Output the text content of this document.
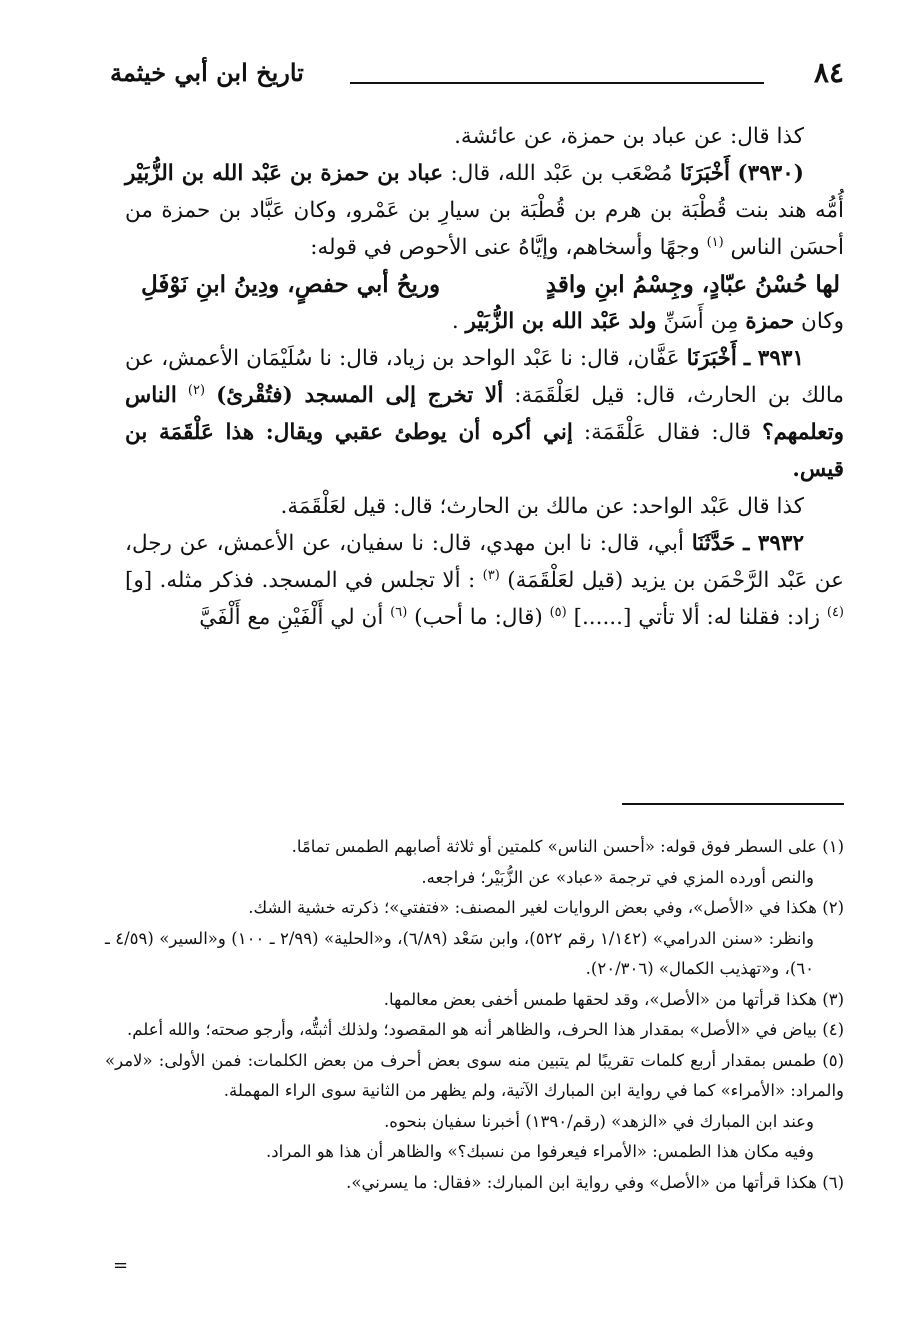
٨٤
تاريخ ابن أبي خيثمة

كذا قال: عن عباد بن حمزة، عن عائشة.

(٣٩٣٠) أَخْبَرَنَا مُصْعَب بن عَبْد الله، قال: عباد بن حمزة بن عَبْد الله بن الزُّبَيْر أُمُّه هند بنت قُطْبَة بن هرم بن قُطْبَة بن سيارِ بن عَمْرو، وكان عَبَّاد بن حمزة من أحسَن الناس $^{(١)}$ وجهًا وأسخاهم، وإيَّاهُ عنى الأحوص في قوله:

لها حُسْنُ عبّادٍ، وجِسْمُ ابنِ واقدٍ
وريحُ أبي حفصٍ، ودِينُ ابنِ نَوْفَلِ

وكان حمزة مِن أَسَنِّ ولد عَبْد الله بن الزُّبَيْر .

٣٩٣١ ـ أَخْبَرَنَا عَفَّان، قال: نا عَبْد الواحد بن زياد، قال: نا سُلَيْمَان الأعمش، عن مالك بن الحارث، قال: قيل لعَلْقَمَة: ألا تخرج إلى المسجد (فتُقْرئ) $^{(٢)}$ الناس وتعلمهم؟ قال: فقال عَلْقَمَة: إني أكره أن يوطئ عقبي ويقال: هذا عَلْقَمَة بن قيس.

كذا قال عَبْد الواحد: عن مالك بن الحارث؛ قال: قيل لعَلْقَمَة.

٣٩٣٢ ـ حَدَّثَنَا أبي، قال: نا ابن مهدي، قال: نا سفيان، عن الأعمش، عن رجل، عن عَبْد الرَّحْمَن بن يزيد (قيل لعَلْقَمَة) $^{(٣)}$ : ألا تجلس في المسجد. فذكر مثله. [و] $^{(٤)}$ زاد: فقلنا له: ألا تأتي [......] $^{(٥)}$ (قال: ما أحب) $^{(٦)}$ أن لي أَلْفَيْنِ مع أَلْفَيَّ

(١) على السطر فوق قوله: «أحسن الناس» كلمتين أو ثلاثة أصابهم الطمس تمامًا.

والنص أورده المزي في ترجمة «عباد» عن الزُّبَيْر؛ فراجعه.

(٢) هكذا في «الأصل»، وفي بعض الروايات لغير المصنف: «فتفتي»؛ ذكرته خشية الشك.

وانظر: «سنن الدرامي» (١/١٤٢ رقم ٥٢٢)، وابن سَعْد (٦/٨٩)، و«الحلية» (٢/٩٩ ـ ١٠٠) و«السير» (٤/٥٩ ـ ٦٠)، و«تهذيب الكمال» (٢٠/٣٠٦).

(٣) هكذا قرأتها من «الأصل»، وقد لحقها طمس أخفى بعض معالمها.

(٤) بياض في «الأصل» بمقدار هذا الحرف، والظاهر أنه هو المقصود؛ ولذلك أثبتُّه، وأرجو صحته؛ والله أعلم.

(٥) طمس بمقدار أربع كلمات تقريبًا لم يتبين منه سوى بعض أحرف من بعض الكلمات: فمن الأولى: «لامر» والمراد: «الأمراء» كما في رواية ابن المبارك الآتية، ولم يظهر من الثانية سوى الراء المهملة.

وعند ابن المبارك في «الزهد» (رقم/١٣٩٠) أخبرنا سفيان بنحوه.

وفيه مكان هذا الطمس: «الأمراء فيعرفوا من نسبك؟» والظاهر أن هذا هو المراد.

(٦) هكذا قرأتها من «الأصل» وفي رواية ابن المبارك: «فقال: ما يسرني».

=
